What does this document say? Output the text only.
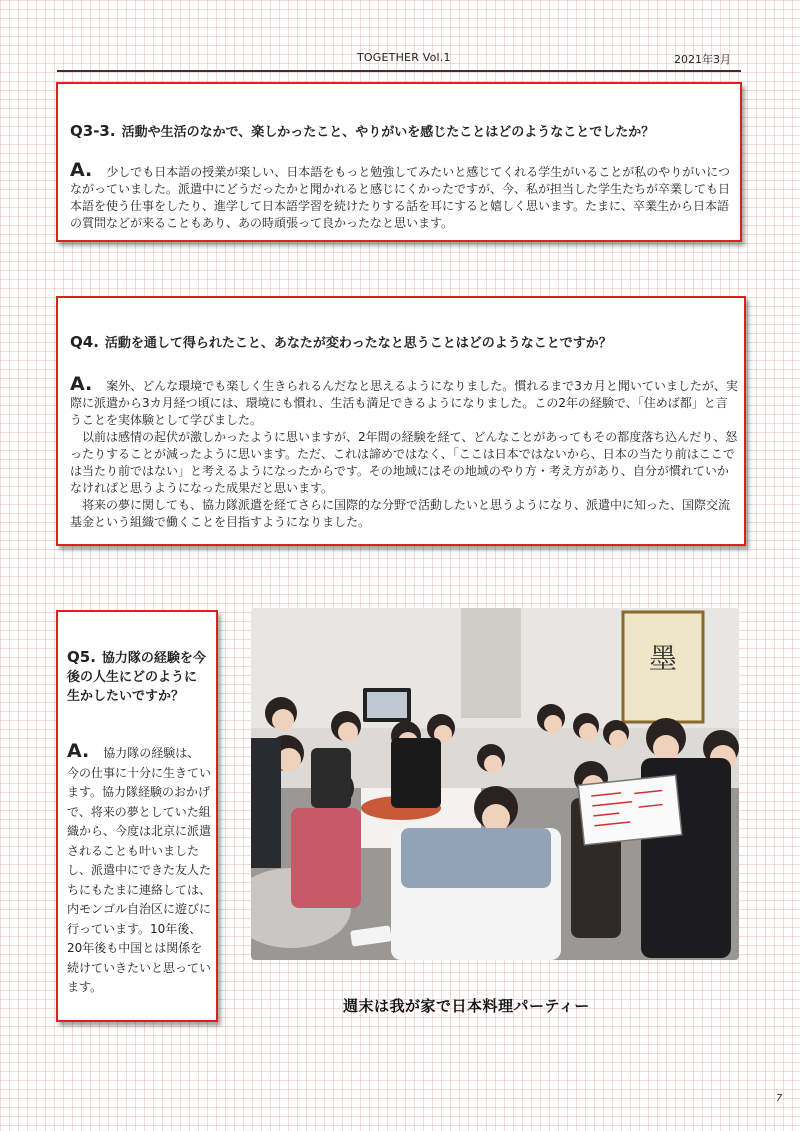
TOGETHER Vol.1	2021年3月
Q3-3. 活動や生活のなかで、楽しかったこと、やりがいを感じたことはどのようなことでしたか？
A. 少しでも日本語の授業が楽しい、日本語をもっと勉強してみたいと感じてくれる学生がいることが私のやりがいにつながっていました。派遣中にどうだったかと聞かれると感じにくかったですが、今、私が担当した学生たちが卒業しても日本語を使う仕事をしたり、進学して日本語学習を続けたりする話を耳にすると嬉しく思います。たまに、卒業生から日本語の質問などが来ることもあり、あの時頑張って良かったなと思います。
Q4. 活動を通して得られたこと、あなたが変わったなと思うことはどのようなことですか？
A. 案外、どんな環境でも楽しく生きられるんだなと思えるようになりました。慣れるまで3カ月と聞いていましたが、実際に派遣から3カ月経つ頃には、環境にも慣れ、生活も満足できるようになりました。この2年の経験で、「住めば都」と言うことを実体験として学びました。
以前は感情の起伏が激しかったように思いますが、2年間の経験を経て、どんなことがあってもその都度落ち込んだり、怒ったりすることが減ったように思います。ただ、これは諦めではなく、「ここは日本ではないから、日本の当たり前はここでは当たり前ではない」と考えるようになったからです。その地域にはその地域のやり方・考え方があり、自分が慣れていかなければと思うようになった成果だと思います。
将来の夢に関しても、協力隊派遣を経てさらに国際的な分野で活動したいと思うようになり、派遣中に知った、国際交流基金という組織で働くことを目指すようになりました。
Q5. 協力隊の経験を今後の人生にどのように生かしたいですか？
A. 協力隊の経験は、今の仕事に十分に生きています。協力隊経験のおかげで、将来の夢としていた組織から、今度は北京に派遣されることも叶いましたし、派遣中にできた友人たちにもたまに連絡しては、内モンゴル自治区に遊びに行っています。10年後、20年後も中国とは関係を続けていきたいと思っています。
墨
週末は我が家で日本料理パーティー
7
